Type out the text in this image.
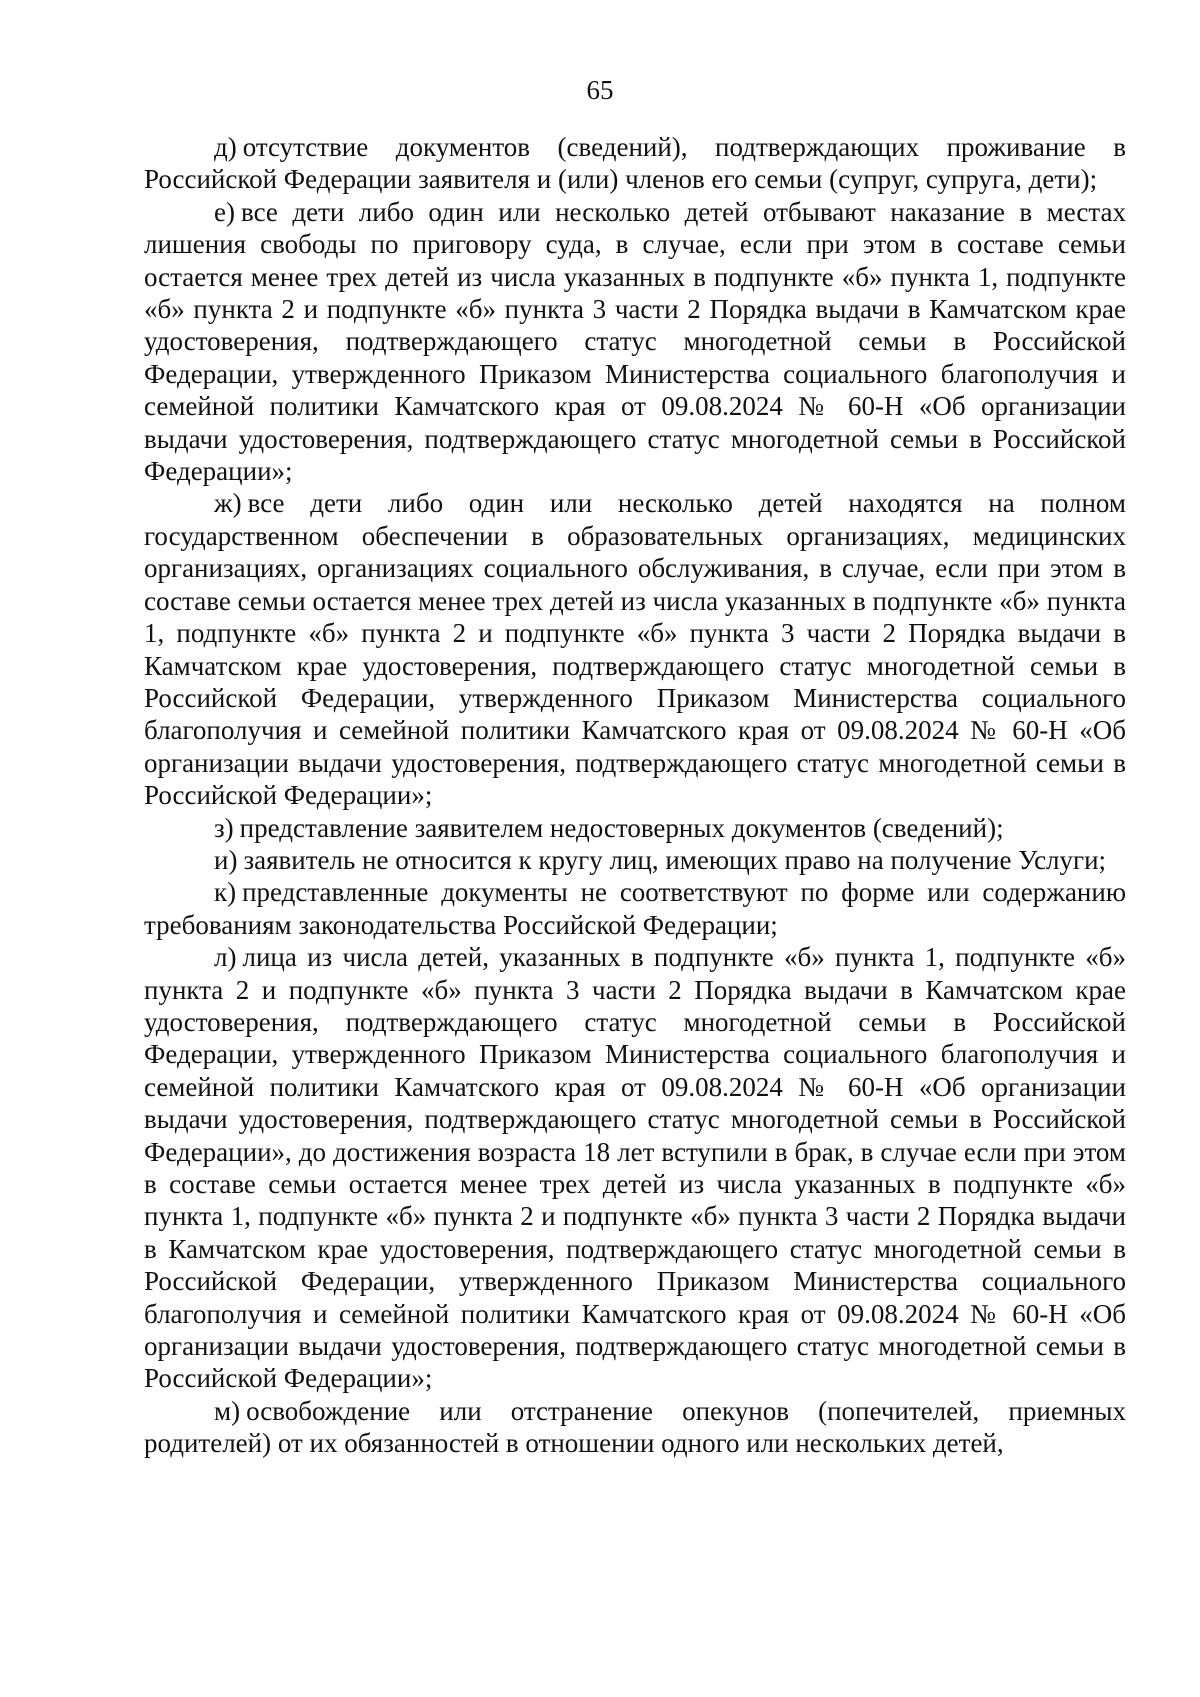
65

д) отсутствие документов (сведений), подтверждающих проживание в Российской Федерации заявителя и (или) членов его семьи (супруг, супруга, дети);

е) все дети либо один или несколько детей отбывают наказание в местах лишения свободы по приговору суда, в случае, если при этом в составе семьи остается менее трех детей из числа указанных в подпункте «б» пункта 1, подпункте «б» пункта 2 и подпункте «б» пункта 3 части 2 Порядка выдачи в Камчатском крае удостоверения, подтверждающего статус многодетной семьи в Российской Федерации, утвержденного Приказом Министерства социального благополучия и семейной политики Камчатского края от 09.08.2024 № 60-Н «Об организации выдачи удостоверения, подтверждающего статус многодетной семьи в Российской Федерации»;

ж) все дети либо один или несколько детей находятся на полном государственном обеспечении в образовательных организациях, медицинских организациях, организациях социального обслуживания, в случае, если при этом в составе семьи остается менее трех детей из числа указанных в подпункте «б» пункта 1, подпункте «б» пункта 2 и подпункте «б» пункта 3 части 2 Порядка выдачи в Камчатском крае удостоверения, подтверждающего статус многодетной семьи в Российской Федерации, утвержденного Приказом Министерства социального благополучия и семейной политики Камчатского края от 09.08.2024 № 60-Н «Об организации выдачи удостоверения, подтверждающего статус многодетной семьи в Российской Федерации»;

з) представление заявителем недостоверных документов (сведений);

и) заявитель не относится к кругу лиц, имеющих право на получение Услуги;

к) представленные документы не соответствуют по форме или содержанию требованиям законодательства Российской Федерации;

л) лица из числа детей, указанных в подпункте «б» пункта 1, подпункте «б» пункта 2 и подпункте «б» пункта 3 части 2 Порядка выдачи в Камчатском крае удостоверения, подтверждающего статус многодетной семьи в Российской Федерации, утвержденного Приказом Министерства социального благополучия и семейной политики Камчатского края от 09.08.2024 № 60-Н «Об организации выдачи удостоверения, подтверждающего статус многодетной семьи в Российской Федерации», до достижения возраста 18 лет вступили в брак, в случае если при этом в составе семьи остается менее трех детей из числа указанных в подпункте «б» пункта 1, подпункте «б» пункта 2 и подпункте «б» пункта 3 части 2 Порядка выдачи в Камчатском крае удостоверения, подтверждающего статус многодетной семьи в Российской Федерации, утвержденного Приказом Министерства социального благополучия и семейной политики Камчатского края от 09.08.2024 № 60-Н «Об организации выдачи удостоверения, подтверждающего статус многодетной семьи в Российской Федерации»;

м) освобождение или отстранение опекунов (попечителей, приемных родителей) от их обязанностей в отношении одного или нескольких детей,
